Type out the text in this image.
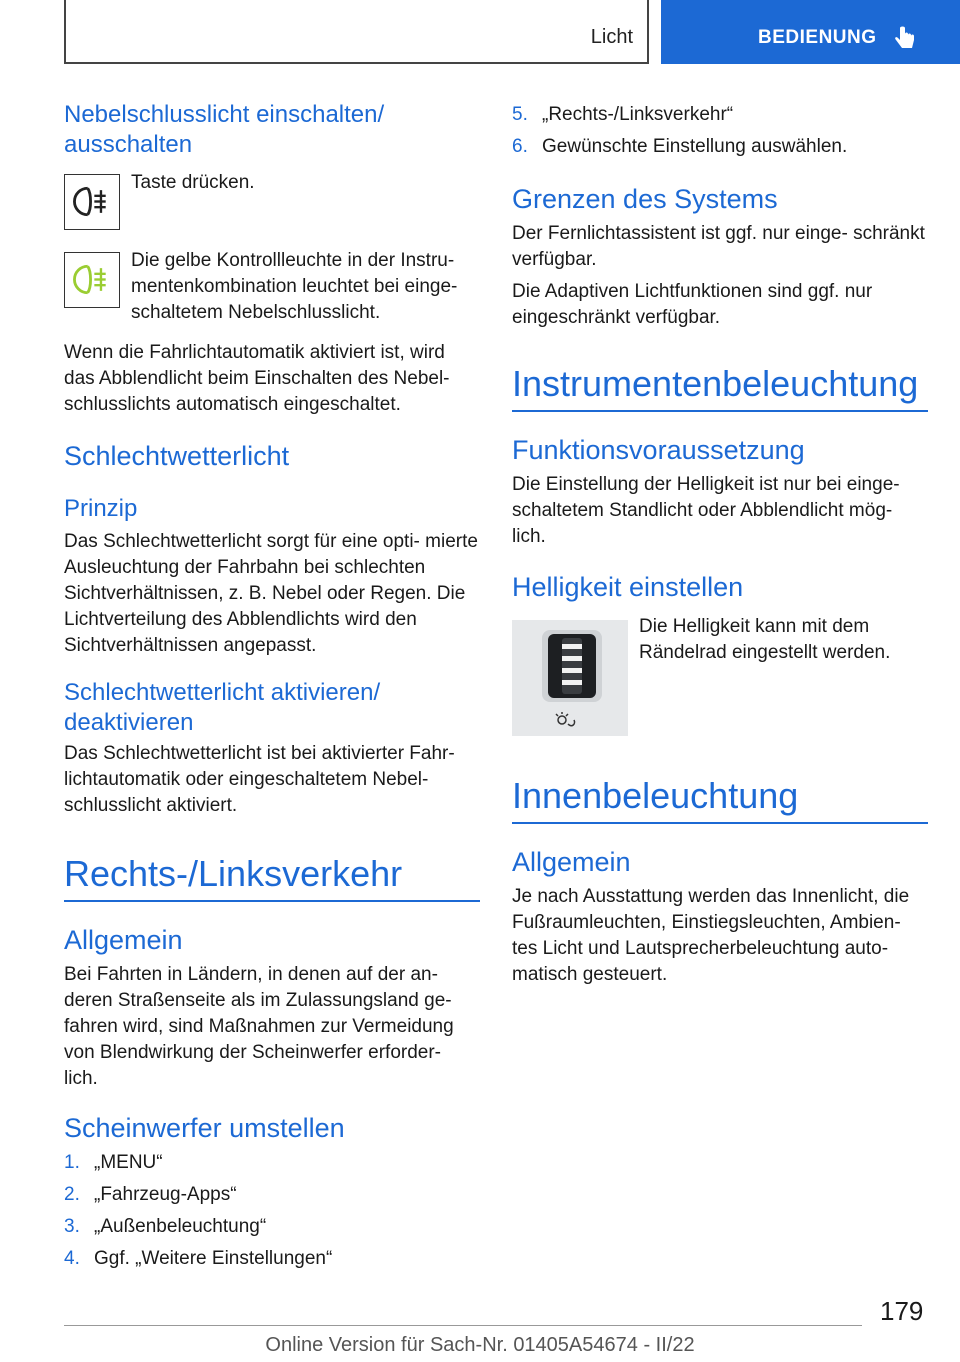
Licht	BEDIENUNG
Nebelschlusslicht einschalten/ ausschalten
Taste drücken.
Die gelbe Kontrollleuchte in der Instru‐ mentenkombination leuchtet bei einge‐ schaltetem Nebelschlusslicht.
Wenn die Fahrlichtautomatik aktiviert ist, wird das Abblendlicht beim Einschalten des Nebel‐ schlusslichts automatisch eingeschaltet.
Schlechtwetterlicht
Prinzip
Das Schlechtwetterlicht sorgt für eine opti‐ mierte Ausleuchtung der Fahrbahn bei schlechten Sichtverhältnissen, z. B. Nebel oder Regen. Die Lichtverteilung des Abblendlichts wird den Sichtverhältnissen angepasst.
Schlechtwetterlicht aktivieren/ deaktivieren
Das Schlechtwetterlicht ist bei aktivierter Fahr‐ lichtautomatik oder eingeschaltetem Nebel‐ schlusslicht aktiviert.
Rechts-/Linksverkehr
Allgemein
Bei Fahrten in Ländern, in denen auf der an‐ deren Straßenseite als im Zulassungsland ge‐ fahren wird, sind Maßnahmen zur Vermeidung von Blendwirkung der Scheinwerfer erforder‐ lich.
Scheinwerfer umstellen
1. „MENU“
2. „Fahrzeug-Apps“
3. „Außenbeleuchtung“
4. Ggf. „Weitere Einstellungen“
5. „Rechts-/Linksverkehr“
6. Gewünschte Einstellung auswählen.
Grenzen des Systems
Der Fernlichtassistent ist ggf. nur einge‐ schränkt verfügbar.
Die Adaptiven Lichtfunktionen sind ggf. nur eingeschränkt verfügbar.
Instrumentenbeleuchtung
Funktionsvoraussetzung
Die Einstellung der Helligkeit ist nur bei einge‐ schaltetem Standlicht oder Abblendlicht mög‐ lich.
Helligkeit einstellen
Die Helligkeit kann mit dem Rändelrad eingestellt werden.
Innenbeleuchtung
Allgemein
Je nach Ausstattung werden das Innenlicht, die Fußraumleuchten, Einstiegsleuchten, Ambien‐ tes Licht und Lautsprecherbeleuchtung auto‐ matisch gesteuert.
179
Online Version für Sach-Nr. 01405A54674 - II/22
